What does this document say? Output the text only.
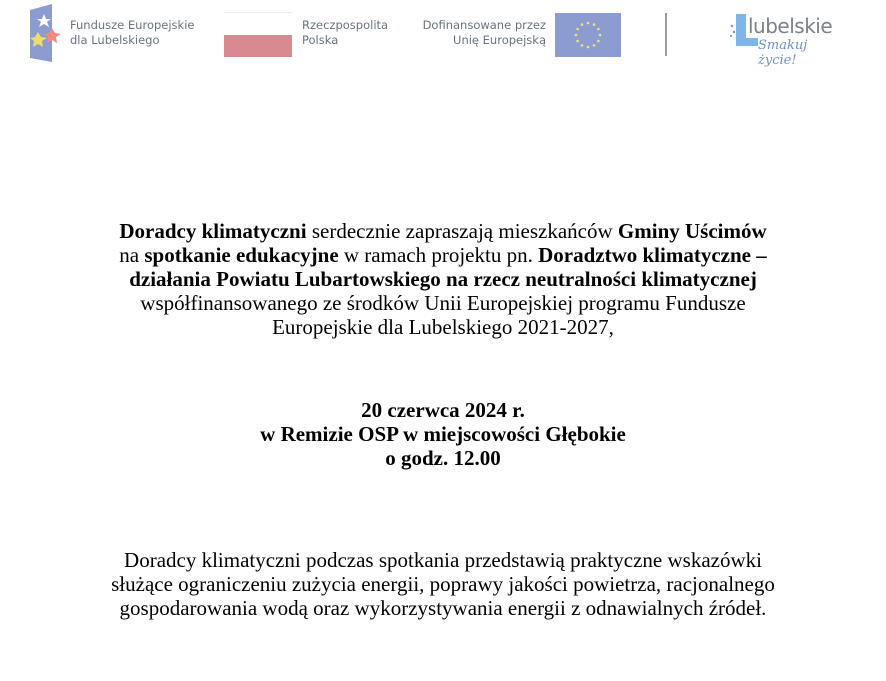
Fundusze Europejskie
dla Lubelskiego
Rzeczpospolita
Polska
Dofinansowane przez
Unię Europejską
lubelskie
Smakuj życie!
Doradcy klimatyczni serdecznie zapraszają mieszkańców Gminy Uścimów
na spotkanie edukacyjne w ramach projektu pn. Doradztwo klimatyczne –
działania Powiatu Lubartowskiego na rzecz neutralności klimatycznej
współfinansowanego ze środków Unii Europejskiej programu Fundusze
Europejskie dla Lubelskiego 2021-2027,
20 czerwca 2024 r.
w Remizie OSP w miejscowości Głębokie
o godz. 12.00
Doradcy klimatyczni podczas spotkania przedstawią praktyczne wskazówki
służące ograniczeniu zużycia energii, poprawy jakości powietrza, racjonalnego
gospodarowania wodą oraz wykorzystywania energii z odnawialnych źródeł.
